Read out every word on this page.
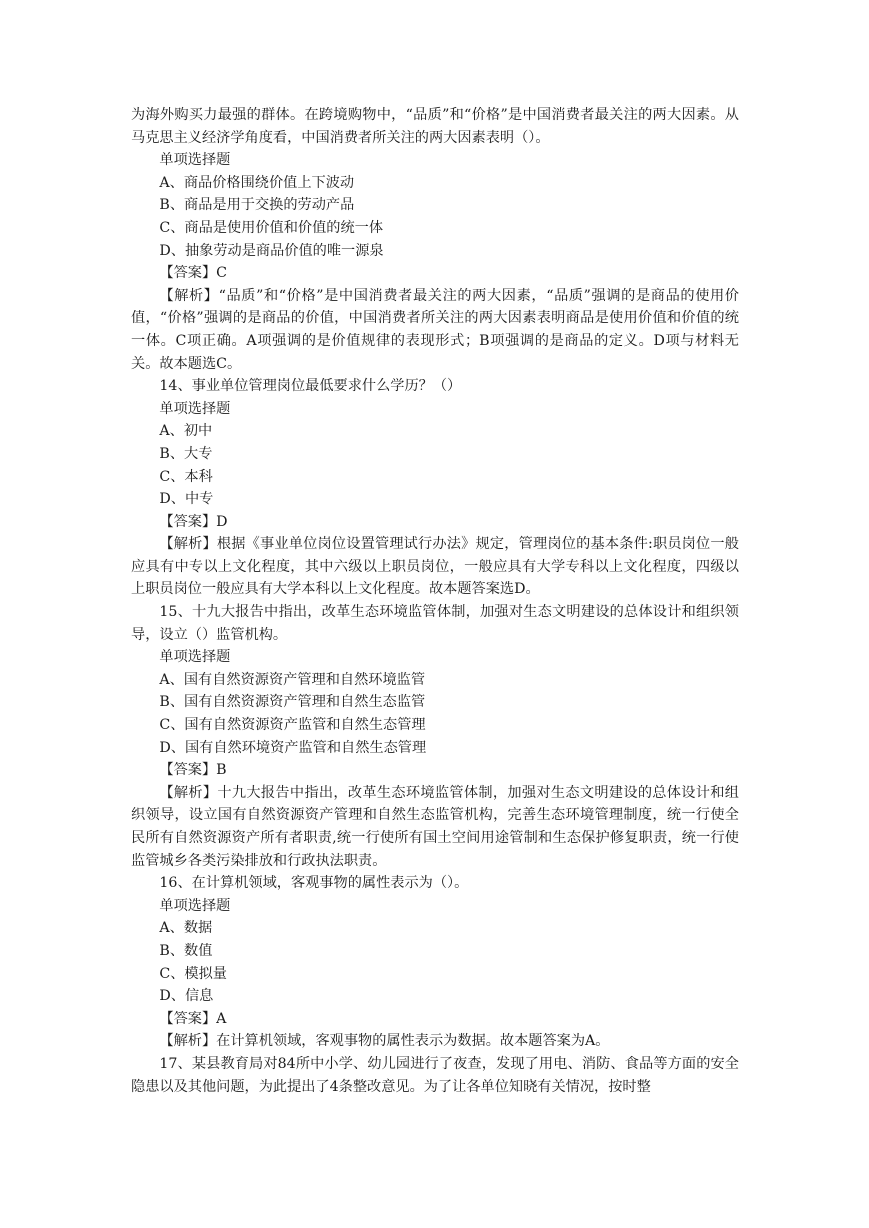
为海外购买力最强的群体。在跨境购物中，“品质”和“价格”是中国消费者最关注的两大因素。从马克思主义经济学角度看，中国消费者所关注的两大因素表明（）。

单项选择题

A、商品价格围绕价值上下波动

B、商品是用于交换的劳动产品

C、商品是使用价值和价值的统一体

D、抽象劳动是商品价值的唯一源泉

【答案】C

【解析】“品质”和“价格”是中国消费者最关注的两大因素，“品质”强调的是商品的使用价值，“价格”强调的是商品的价值，中国消费者所关注的两大因素表明商品是使用价值和价值的统一体。C项正确。A项强调的是价值规律的表现形式；B项强调的是商品的定义。D项与材料无关。故本题选C。

14、事业单位管理岗位最低要求什么学历？（）

单项选择题

A、初中

B、大专

C、本科

D、中专

【答案】D

【解析】根据《事业单位岗位设置管理试行办法》规定，管理岗位的基本条件:职员岗位一般应具有中专以上文化程度，其中六级以上职员岗位，一般应具有大学专科以上文化程度，四级以上职员岗位一般应具有大学本科以上文化程度。故本题答案选D。

15、十九大报告中指出，改革生态环境监管体制，加强对生态文明建设的总体设计和组织领导，设立（）监管机构。

单项选择题

A、国有自然资源资产管理和自然环境监管

B、国有自然资源资产管理和自然生态监管

C、国有自然资源资产监管和自然生态管理

D、国有自然环境资产监管和自然生态管理

【答案】B

【解析】十九大报告中指出，改革生态环境监管体制，加强对生态文明建设的总体设计和组织领导，设立国有自然资源资产管理和自然生态监管机构，完善生态环境管理制度，统一行使全民所有自然资源资产所有者职责,统一行使所有国土空间用途管制和生态保护修复职责，统一行使监管城乡各类污染排放和行政执法职责。

16、在计算机领域，客观事物的属性表示为（）。

单项选择题

A、数据

B、数值

C、模拟量

D、信息

【答案】A

【解析】在计算机领域，客观事物的属性表示为数据。故本题答案为A。

17、某县教育局对84所中小学、幼儿园进行了夜查，发现了用电、消防、食品等方面的安全隐患以及其他问题，为此提出了4条整改意见。为了让各单位知晓有关情况，按时整
